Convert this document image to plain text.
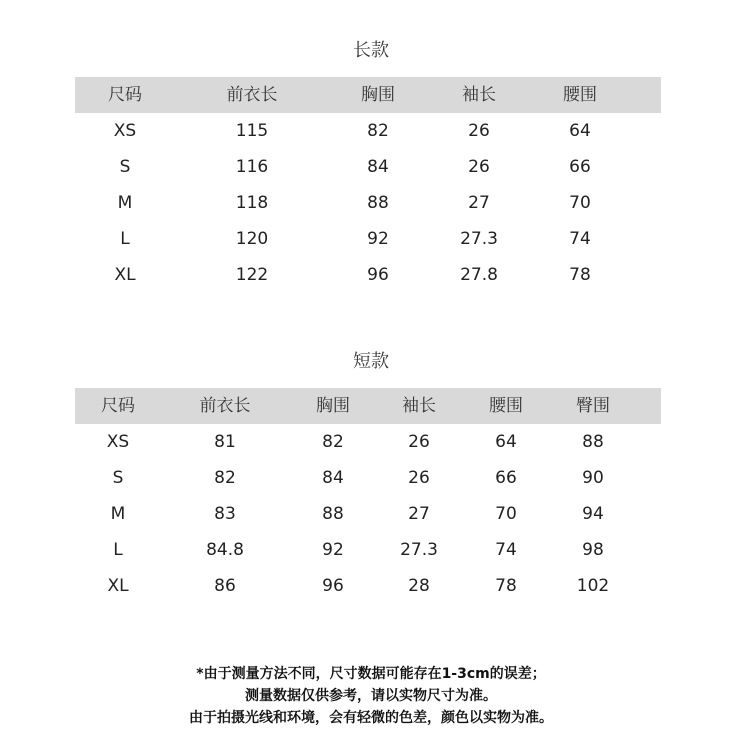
长款
尺码	前衣长	胸围	袖长	腰围
XS	115	82	26	64
S	116	84	26	66
M	118	88	27	70
L	120	92	27.3	74
XL	122	96	27.8	78
短款
尺码	前衣长	胸围	袖长	腰围	臀围
XS	81	82	26	64	88
S	82	84	26	66	90
M	83	88	27	70	94
L	84.8	92	27.3	74	98
XL	86	96	28	78	102
*由于测量方法不同，尺寸数据可能存在1-3cm的误差；
测量数据仅供参考，请以实物尺寸为准。
由于拍摄光线和环境，会有轻微的色差，颜色以实物为准。
